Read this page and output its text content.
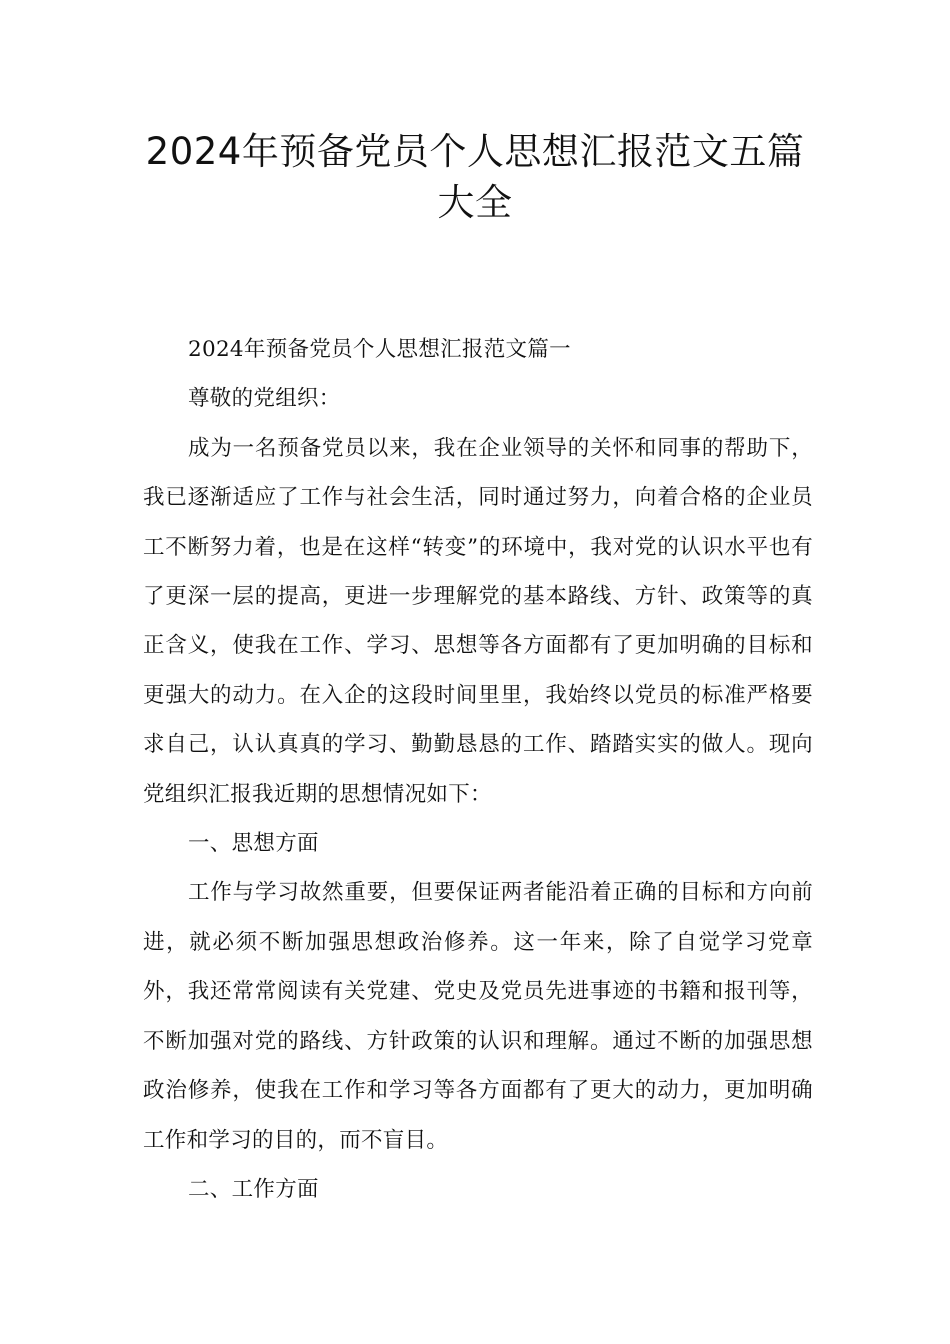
2024年预备党员个人思想汇报范文五篇
大全

2024年预备党员个人思想汇报范文篇一

尊敬的党组织：

成为一名预备党员以来，我在企业领导的关怀和同事的帮助下，我已逐渐适应了工作与社会生活，同时通过努力，向着合格的企业员工不断努力着，也是在这样“转变”的环境中，我对党的认识水平也有了更深一层的提高，更进一步理解党的基本路线、方针、政策等的真正含义，使我在工作、学习、思想等各方面都有了更加明确的目标和更强大的动力。在入企的这段时间里里，我始终以党员的标准严格要求自己，认认真真的学习、勤勤恳恳的工作、踏踏实实的做人。现向党组织汇报我近期的思想情况如下：

一、思想方面

工作与学习故然重要，但要保证两者能沿着正确的目标和方向前进，就必须不断加强思想政治修养。这一年来，除了自觉学习党章外，我还常常阅读有关党建、党史及党员先进事迹的书籍和报刊等，不断加强对党的路线、方针政策的认识和理解。通过不断的加强思想政治修养，使我在工作和学习等各方面都有了更大的动力，更加明确工作和学习的目的，而不盲目。

二、工作方面
